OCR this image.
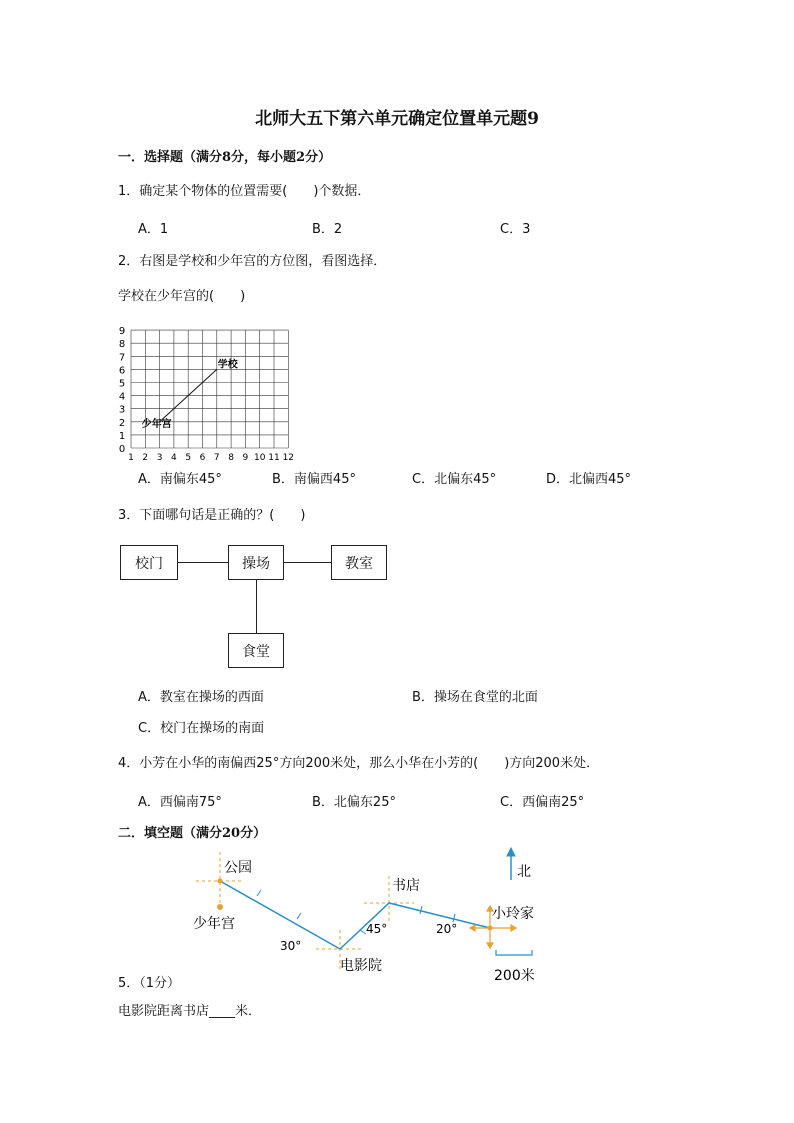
北师大五下第六单元确定位置单元题9
一．选择题（满分8分，每小题2分）
1．确定某个物体的位置需要(　　)个数据．
A．1	B．2	C．3
2．右图是学校和少年宫的方位图，看图选择．
学校在少年宫的(　　)
0
1
2
3
4
5
6
7
8
9
1 2 3 4 5 6 7 8 9 10 11 12
学校
少年宫
A．南偏东45°	B．南偏西45°	C．北偏东45°	D．北偏西45°
3．下面哪句话是正确的？(　　)
校门	操场	教室
食堂
A．教室在操场的西面	B．操场在食堂的北面
C．校门在操场的南面
4．小芳在小华的南偏西25°方向200米处，那么小华在小芳的(　　)方向200米处．
A．西偏南75°	B．北偏东25°	C．西偏南25°
二．填空题（满分20分）
公园
少年宫
电影院
书店
小玲家
北
30°
45°	20°
200米
5．（1分）
电影院距离书店____米．
